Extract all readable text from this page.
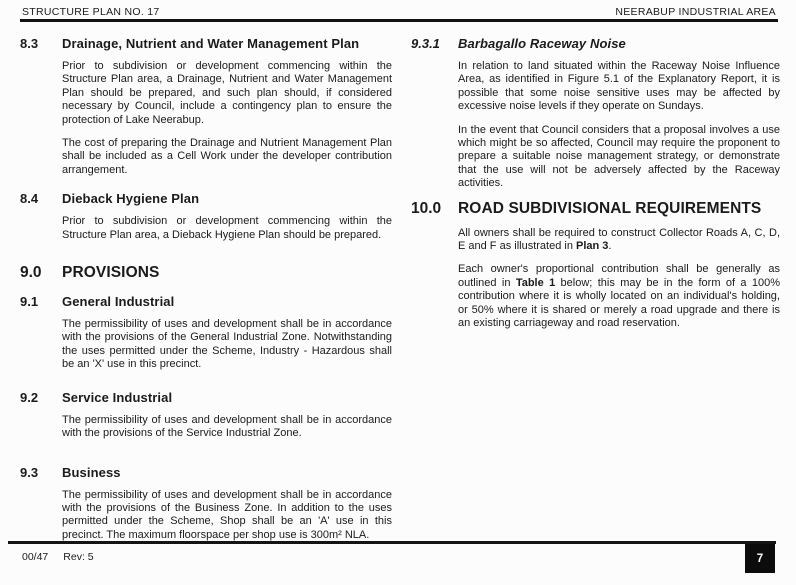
STRUCTURE PLAN NO. 17	NEERABUP INDUSTRIAL AREA
8.3	Drainage, Nutrient and Water Management Plan

Prior to subdivision or development commencing within the Structure Plan area, a Drainage, Nutrient and Water Management Plan should be prepared, and such plan should, if considered necessary by Council, include a contingency plan to ensure the protection of Lake Neerabup.

The cost of preparing the Drainage and Nutrient Management Plan shall be included as a Cell Work under the developer contribution arrangement.

8.4	Dieback Hygiene Plan

Prior to subdivision or development commencing within the Structure Plan area, a Dieback Hygiene Plan should be prepared.

9.0	PROVISIONS
9.1	General Industrial

The permissibility of uses and development shall be in accordance with the provisions of the General Industrial Zone. Notwithstanding the uses permitted under the Scheme, Industry - Hazardous shall be an 'X' use in this precinct.

9.2	Service Industrial

The permissibility of uses and development shall be in accordance with the provisions of the Service Industrial Zone.

9.3	Business

The permissibility of uses and development shall be in accordance with the provisions of the Business Zone. In addition to the uses permitted under the Scheme, Shop shall be an 'A' use in this precinct. The maximum floorspace per shop use is 300m² NLA.

9.3.1	Barbagallo Raceway Noise

In relation to land situated within the Raceway Noise Influence Area, as identified in Figure 5.1 of the Explanatory Report, it is possible that some noise sensitive uses may be affected by excessive noise levels if they operate on Sundays.

In the event that Council considers that a proposal involves a use which might be so affected, Council may require the proponent to prepare a suitable noise management strategy, or demonstrate that the use will not be adversely affected by the Raceway activities.

10.0	ROAD SUBDIVISIONAL REQUIREMENTS

All owners shall be required to construct Collector Roads A, C, D, E and F as illustrated in Plan 3.

Each owner's proportional contribution shall be generally as outlined in Table 1 below; this may be in the form of a 100% contribution where it is wholly located on an individual's holding, or 50% where it is shared or merely a road upgrade and there is an existing carriageway and road reservation.

00/47 Rev: 5	7
